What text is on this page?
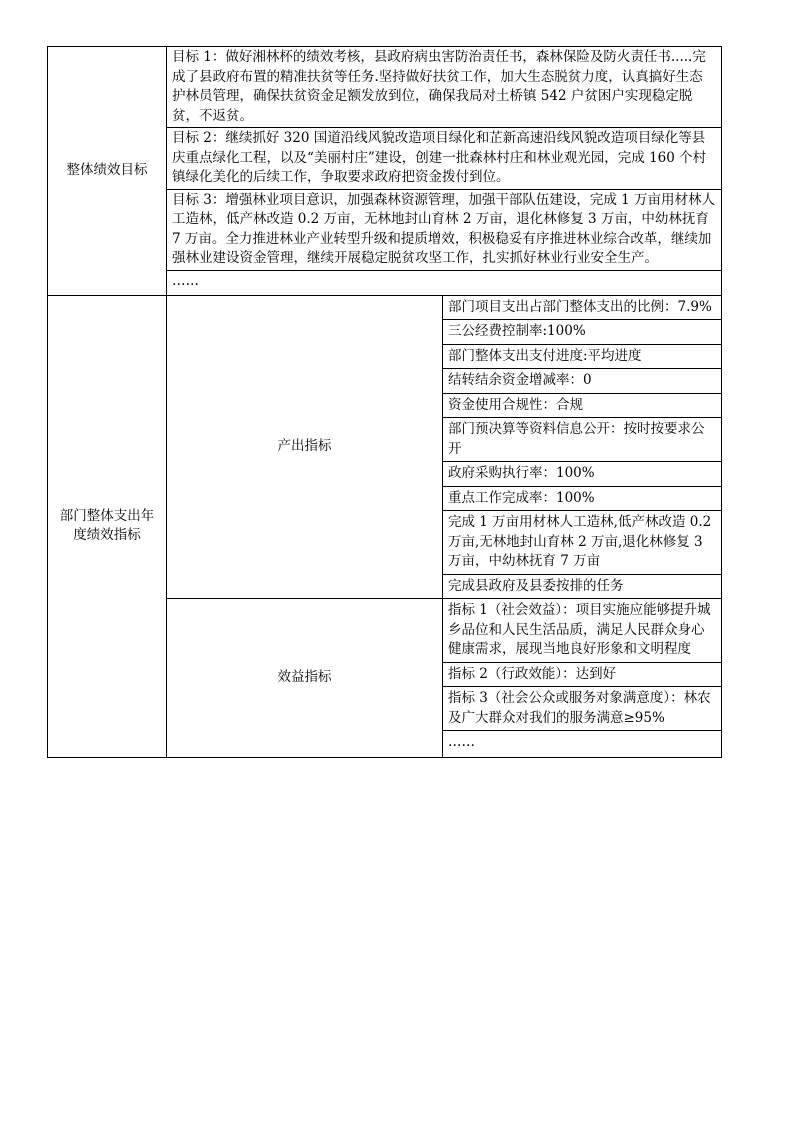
整体绩效目标	目标 1：做好湘林杯的绩效考核，县政府病虫害防治责任书，森林保险及防火责任书.....完成了县政府布置的精准扶贫等任务.坚持做好扶贫工作，加大生态脱贫力度，认真搞好生态护林员管理，确保扶贫资金足额发放到位，确保我局对土桥镇 542 户贫困户实现稳定脱贫，不返贫。	
	目标 2：继续抓好 320 国道沿线风貌改造项目绿化和芷新高速沿线风貌改造项目绿化等县庆重点绿化工程，以及“美丽村庄”建设，创建一批森林村庄和林业观光园，完成 160 个村镇绿化美化的后续工作，争取要求政府把资金拨付到位。	
	目标 3：增强林业项目意识，加强森林资源管理，加强干部队伍建设，完成 1 万亩用材林人工造林，低产林改造 0.2 万亩，无林地封山育林 2 万亩，退化林修复 3 万亩，中幼林抚育 7 万亩。全力推进林业产业转型升级和提质增效，积极稳妥有序推进林业综合改革，继续加强林业建设资金管理，继续开展稳定脱贫攻坚工作，扎实抓好林业行业安全生产。	
	……	
部门整体支出年度绩效指标	产出指标	部门项目支出占部门整体支出的比例：7.9%
		三公经费控制率:100%
		部门整体支出支付进度:平均进度
		结转结余资金增减率：0
		资金使用合规性：合规
		部门预决算等资料信息公开：按时按要求公开
		政府采购执行率：100%
		重点工作完成率：100%
		完成 1 万亩用材林人工造林,低产林改造 0.2 万亩,无林地封山育林 2 万亩,退化林修复 3 万亩，中幼林抚育 7 万亩
		完成县政府及县委按排的任务
	效益指标	指标 1（社会效益）：项目实施应能够提升城乡品位和人民生活品质，满足人民群众身心健康需求，展现当地良好形象和文明程度
		指标 2（行政效能）：达到好
		指标 3（社会公众或服务对象满意度）：林农及广大群众对我们的服务满意≥95%
		……
